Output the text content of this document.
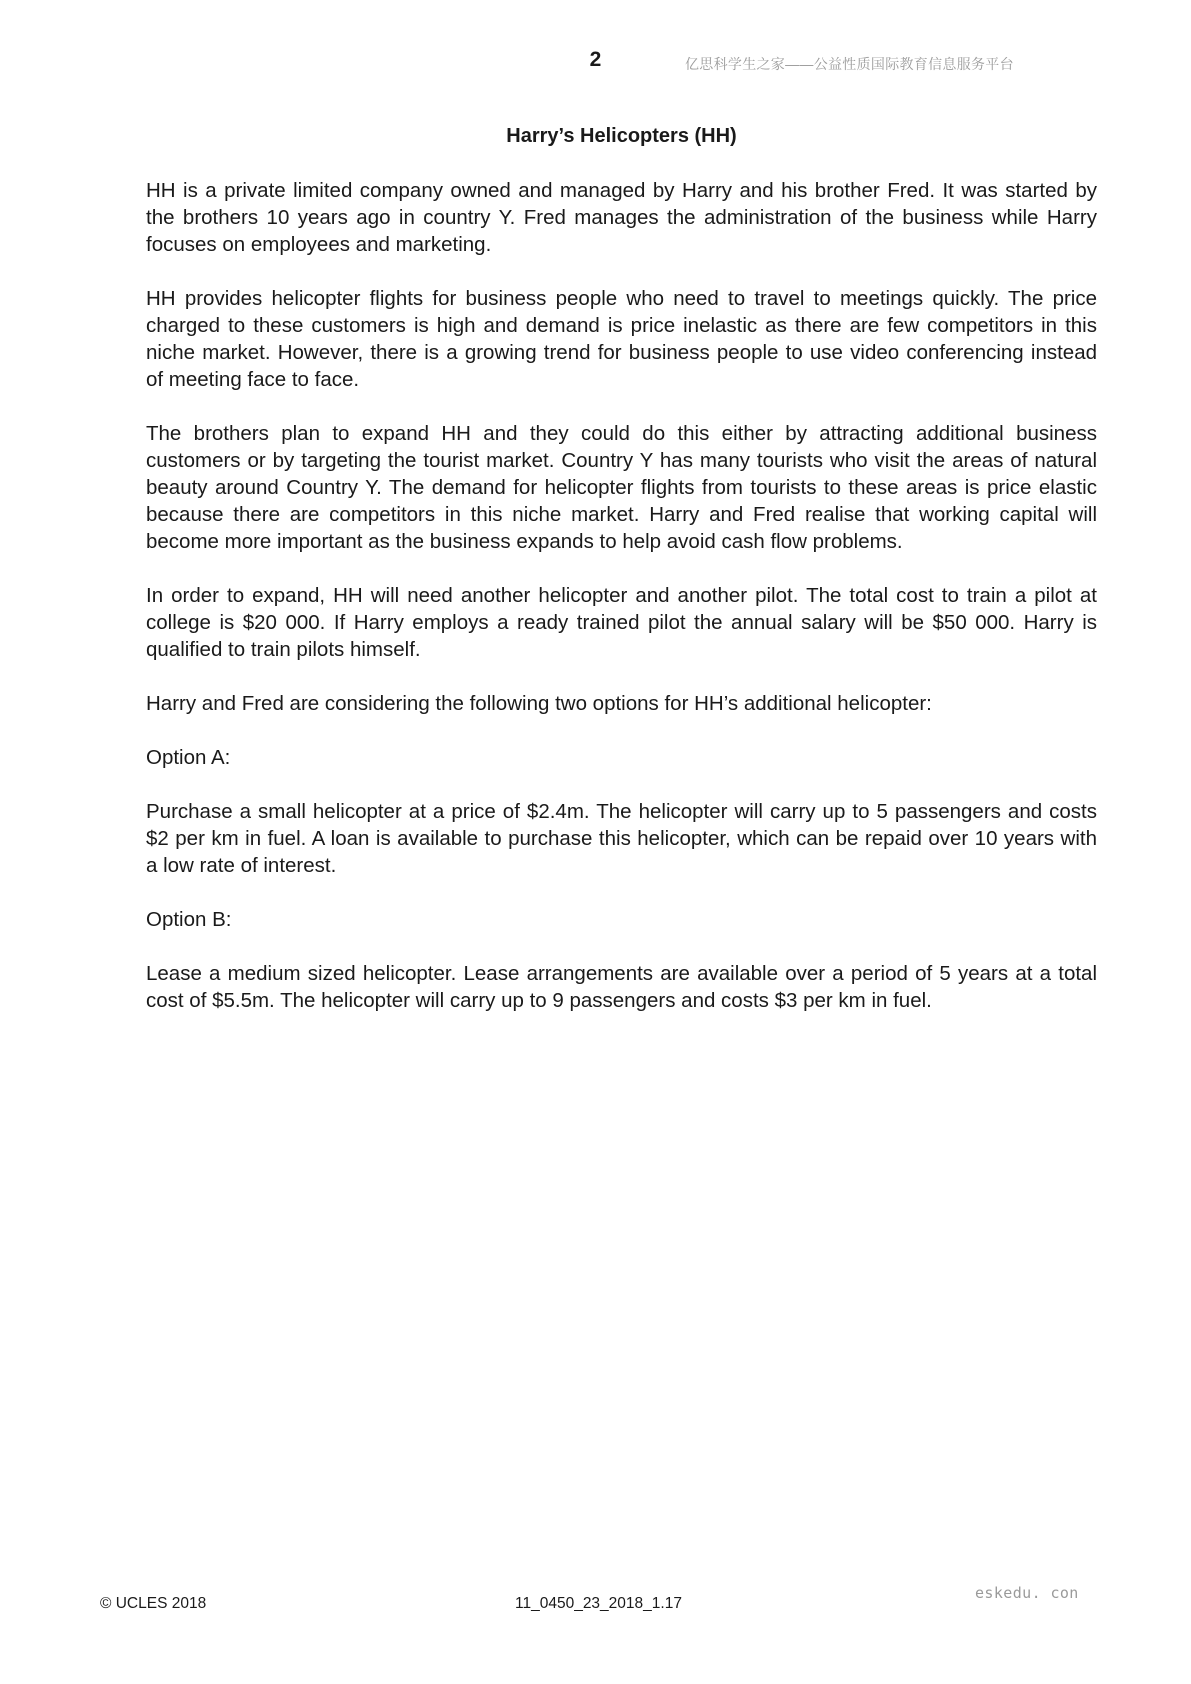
2	亿思科学生之家——公益性质国际教育信息服务平台
Harry’s Helicopters (HH)

HH is a private limited company owned and managed by Harry and his brother Fred. It was started by the brothers 10 years ago in country Y. Fred manages the administration of the business while Harry focuses on employees and marketing.

HH provides helicopter flights for business people who need to travel to meetings quickly. The price charged to these customers is high and demand is price inelastic as there are few competitors in this niche market. However, there is a growing trend for business people to use video conferencing instead of meeting face to face.

The brothers plan to expand HH and they could do this either by attracting additional business customers or by targeting the tourist market. Country Y has many tourists who visit the areas of natural beauty around Country Y. The demand for helicopter flights from tourists to these areas is price elastic because there are competitors in this niche market. Harry and Fred realise that working capital will become more important as the business expands to help avoid cash flow problems.

In order to expand, HH will need another helicopter and another pilot. The total cost to train a pilot at college is $20 000. If Harry employs a ready trained pilot the annual salary will be $50 000. Harry is qualified to train pilots himself.

Harry and Fred are considering the following two options for HH’s additional helicopter:

Option A:

Purchase a small helicopter at a price of $2.4m. The helicopter will carry up to 5 passengers and costs $2 per km in fuel. A loan is available to purchase this helicopter, which can be repaid over 10 years with a low rate of interest.

Option B:

Lease a medium sized helicopter. Lease arrangements are available over a period of 5 years at a total cost of $5.5m. The helicopter will carry up to 9 passengers and costs $3 per km in fuel.

© UCLES 2018	11_0450_23_2018_1.17
eskedu. con
